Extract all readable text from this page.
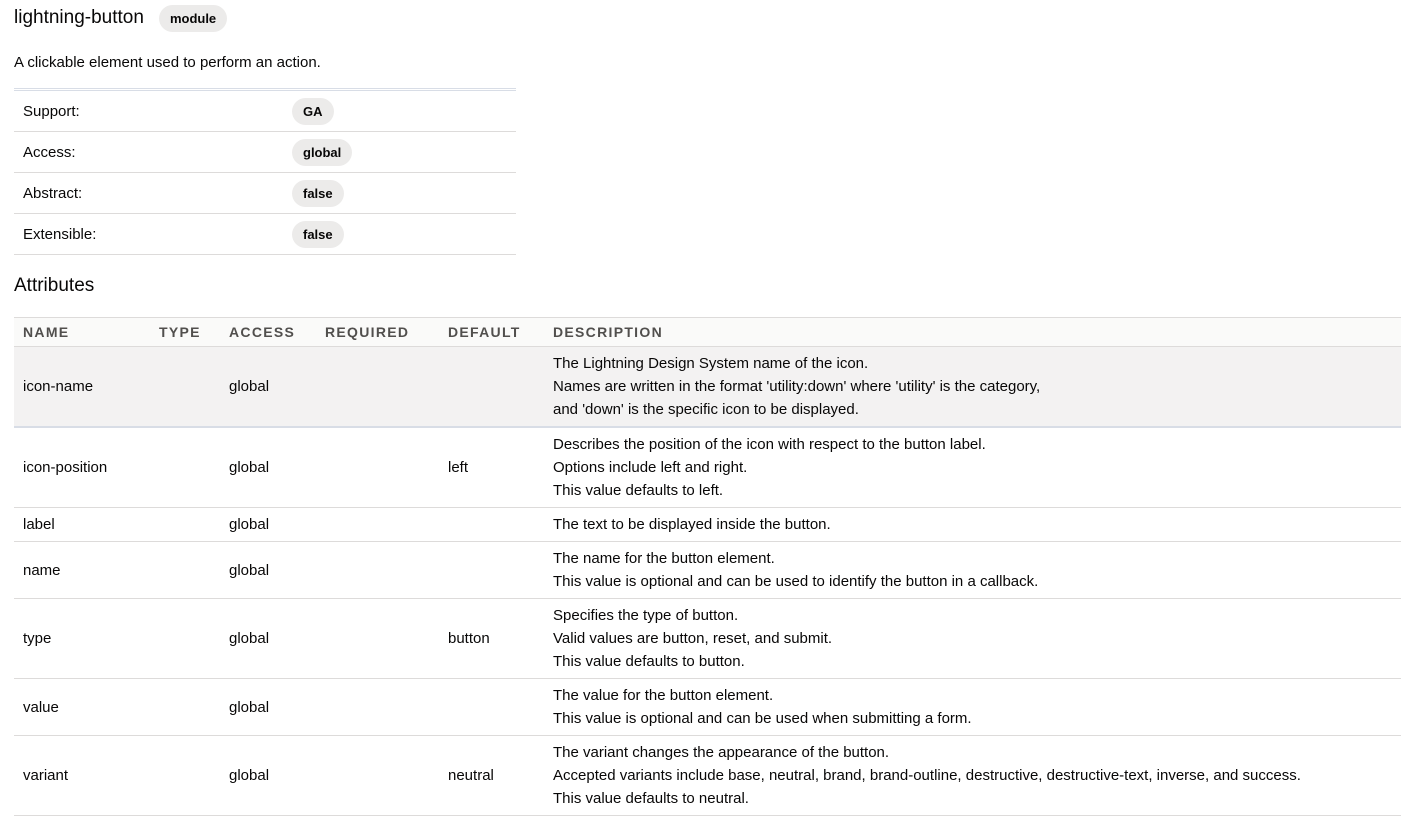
lightning-button	module
A clickable element used to perform an action.
Support:	GA
Access:	global
Abstract:	false
Extensible:	false
Attributes
NAME	TYPE	ACCESS	REQUIRED	DEFAULT	DESCRIPTION
icon-name		global			The Lightning Design System name of the icon.
Names are written in the format 'utility:down' where 'utility' is the category,
and 'down' is the specific icon to be displayed.

icon-position		global		left	Describes the position of the icon with respect to the button label.
Options include left and right.
This value defaults to left.

label		global			The text to be displayed inside the button.

name		global			The name for the button element.
This value is optional and can be used to identify the button in a callback.

type		global		button	Specifies the type of button.
Valid values are button, reset, and submit.
This value defaults to button.

value		global			The value for the button element.
This value is optional and can be used when submitting a form.

variant		global		neutral	The variant changes the appearance of the button.
Accepted variants include base, neutral, brand, brand-outline, destructive, destructive-text, inverse, and success.
This value defaults to neutral.
